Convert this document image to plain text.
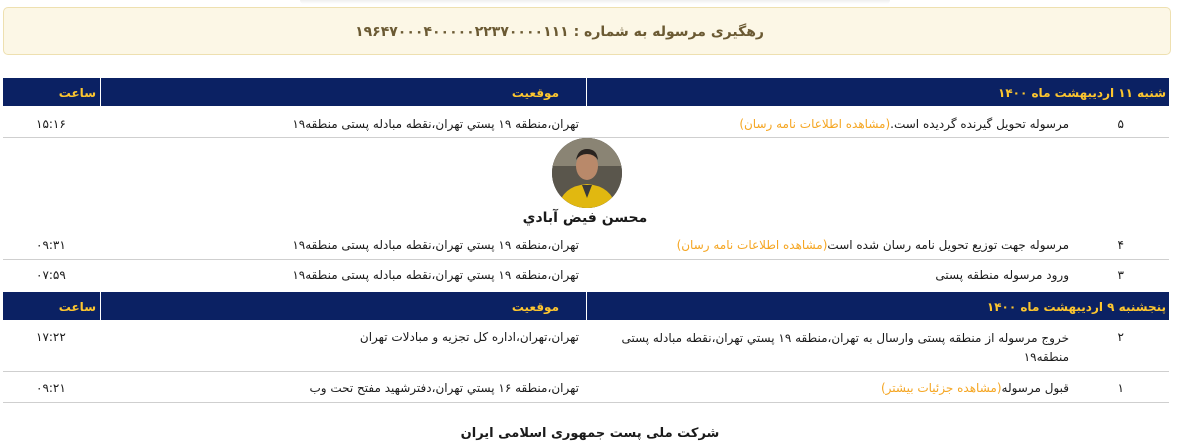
رهگیری مرسوله به شماره : ۱۹۶۴۷۰۰۰۴۰۰۰۰۰۲۲۳۷۰۰۰۰۱۱۱
شنبه ۱۱ اردیبهشت ماه ۱۴۰۰
موقعیت
ساعت
۵
مرسوله تحویل گیرنده گردیده است.(مشاهده اطلاعات نامه رسان)
تهران،منطقه ۱۹ پستي تهران،نقطه مبادله پستی منطقه۱۹
۱۵:۱۶
محسن فیض آبادي
۴
مرسوله جهت توزیع تحویل نامه رسان شده است(مشاهده اطلاعات نامه رسان)
تهران،منطقه ۱۹ پستي تهران،نقطه مبادله پستی منطقه۱۹
۰۹:۳۱
۳
ورود مرسوله منطقه پستی
تهران،منطقه ۱۹ پستي تهران،نقطه مبادله پستی منطقه۱۹
۰۷:۵۹
پنجشنبه ۹ اردیبهشت ماه ۱۴۰۰
موقعیت
ساعت
۲
خروج مرسوله از منطقه پستی وارسال به تهران،منطقه ۱۹ پستي تهران،نقطه مبادله پستی منطقه۱۹
تهران،تهران،اداره کل تجزیه و مبادلات تهران
۱۷:۲۲
۱
قبول مرسوله(مشاهده جزئیات بیشتر)
تهران،منطقه ۱۶ پستي تهران،دفترشهید مفتح تحت وب
۰۹:۲۱
شرکت ملی پست جمهوری اسلامی ایران
